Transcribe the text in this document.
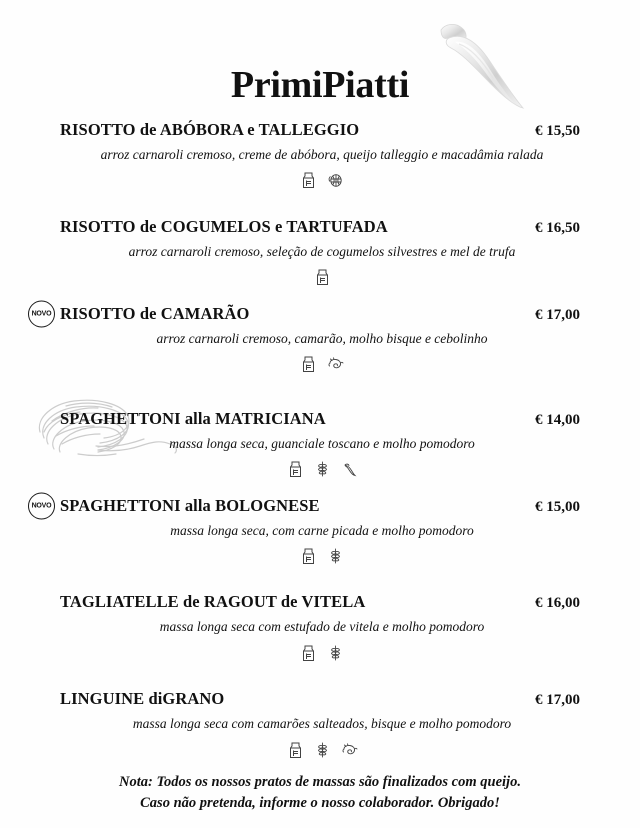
PrimiPiatti
RISOTTO de ABÓBORA e TALLEGGIO	€ 15,50
arroz carnaroli cremoso, creme de abóbora, queijo talleggio e macadâmia ralada
RISOTTO de COGUMELOS e TARTUFADA	€ 16,50
arroz carnaroli cremoso, seleção de cogumelos silvestres e mel de trufa
NOVO RISOTTO de CAMARÃO	€ 17,00
arroz carnaroli cremoso, camarão, molho bisque e cebolinho
SPAGHETTONI alla MATRICIANA	€ 14,00
massa longa seca, guanciale toscano e molho pomodoro
NOVO SPAGHETTONI alla BOLOGNESE	€ 15,00
massa longa seca, com carne picada e molho pomodoro
TAGLIATELLE de RAGOUT de VITELA	€ 16,00
massa longa seca com estufado de vitela e molho pomodoro
LINGUINE diGRANO	€ 17,00
massa longa seca com camarões salteados, bisque e molho pomodoro
Nota: Todos os nossos pratos de massas são finalizados com queijo.
Caso não pretenda, informe o nosso colaborador. Obrigado!
